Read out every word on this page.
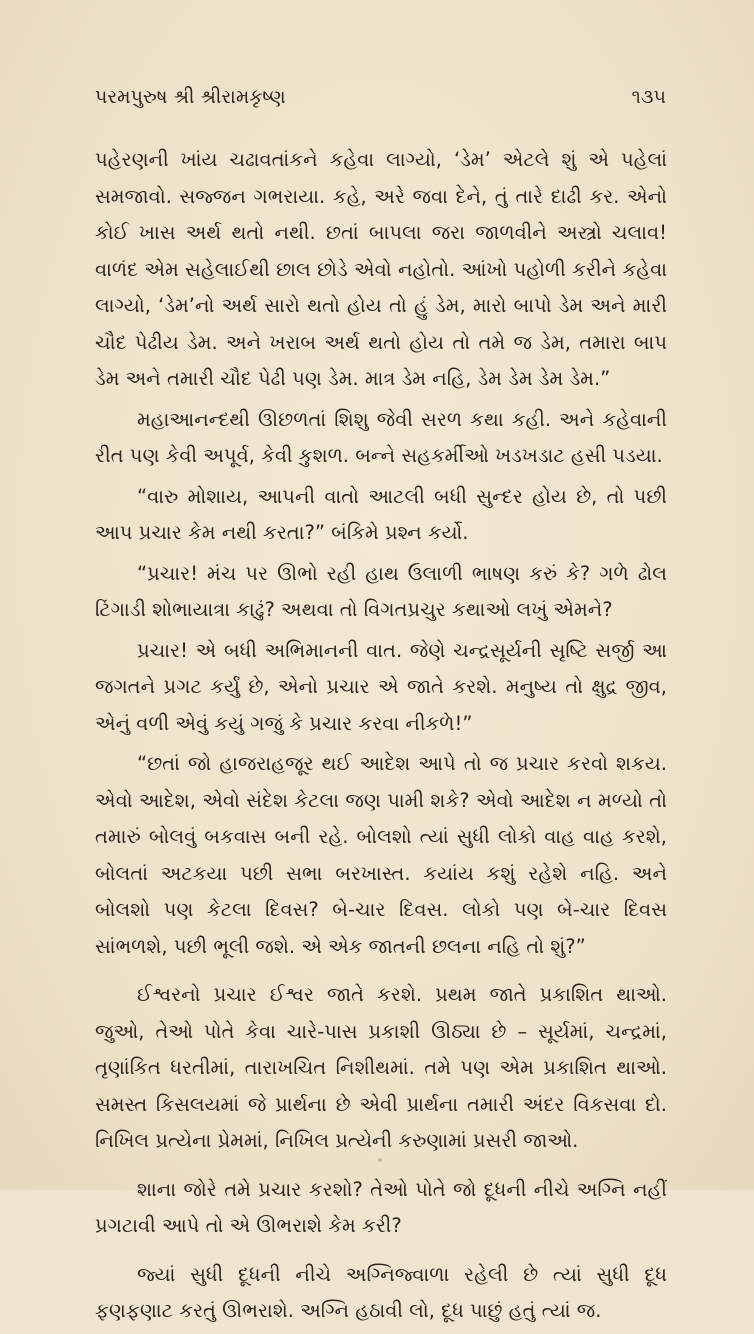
પરમપુરુષ શ્રી શ્રીરામકૃષ્ણ	૧૩૫

પહેરણની ખાંય ચઢાવતાંકને કહેવા લાગ્યો, ‘ડેમ’ એટલે શું એ પહેલાં સમજાવો. સજ્જન ગભરાયા. કહે, અરે જવા દેને, તું તારે દાઢી કર. એનો કોઈ ખાસ અર્થ થતો નથી. છતાં બાપલા જરા જાળવીને અસ્ત્રો ચલાવ! વાળંદ એમ સહેલાઈથી છાલ છોડે એવો નહોતો. આંખો પહોળી કરીને કહેવા લાગ્યો, ‘ડેમ’નો અર્થ સારો થતો હોય તો હું ડેમ, મારો બાપો ડેમ અને મારી ચૌદ પેઢીય ડેમ. અને ખરાબ અર્થ થતો હોય તો તમે જ ડેમ, તમારા બાપ ડેમ અને તમારી ચૌદ પેઢી પણ ડેમ. માત્ર ડેમ નહિ, ડેમ ડેમ ડેમ ડેમ.”

મહાઆનન્દથી ઊછળતાં શિશુ જેવી સરળ કથા કહી. અને કહેવાની રીત પણ કેવી અપૂર્વ, કેવી કુશળ. બન્ને સહકર્મીઓ ખડખડાટ હસી પડયા.

“વારુ મોશાય, આપની વાતો આટલી બધી સુન્દર હોય છે, તો પછી આપ પ્રચાર કેમ નથી કરતા?” બંકિમે પ્રશ્ન કર્યો.

“પ્રચાર! મંચ પર ઊભો રહી હાથ ઉલાળી ભાષણ કરું કે? ગળે ઢોલ ટિંગાડી શોભાયાત્રા કાઢું? અથવા તો વિગતપ્રચુર કથાઓ લખું એમને?

પ્રચાર! એ બધી અભિમાનની વાત. જેણે ચન્દ્રસૂર્યની સૃષ્ટિ સર્જી આ જગતને પ્રગટ કર્યું છે, એનો પ્રચાર એ જાતે કરશે. મનુષ્ય તો ક્ષુદ્ર જીવ, એનું વળી એવું કયું ગજું કે પ્રચાર કરવા નીકળે!”

“છતાં જો હાજરાહજૂર થઈ આદેશ આપે તો જ પ્રચાર કરવો શકય. એવો આદેશ, એવો સંદેશ કેટલા જણ પામી શકે? એવો આદેશ ન મળ્યો તો તમારું બોલવું બકવાસ બની રહે. બોલશો ત્યાં સુધી લોકો વાહ વાહ કરશે, બોલતાં અટકયા પછી સભા બરખાસ્ત. કયાંય કશું રહેશે નહિ. અને બોલશો પણ કેટલા દિવસ? બે-ચાર દિવસ. લોકો પણ બે-ચાર દિવસ સાંભળશે, પછી ભૂલી જશે. એ એક જાતની છલના નહિ તો શું?”

ઈશ્વરનો પ્રચાર ઈશ્વર જાતે કરશે. પ્રથમ જાતે પ્રકાશિત થાઓ. જુઓ, તેઓ પોતે કેવા ચારે-પાસ પ્રકાશી ઊઠ્યા છે – સૂર્યમાં, ચન્દ્રમાં, તૃણાંકિત ધરતીમાં, તારાખચિત નિશીથમાં. તમે પણ એમ પ્રકાશિત થાઓ. સમસ્ત કિસલયમાં જે પ્રાર્થના છે એવી પ્રાર્થના તમારી અંદર વિકસવા દો. નિખિલ પ્રત્યેના પ્રેમમાં, નિખિલ પ્રત્યેની કરુણામાં પ્રસરી જાઓ.

શાના જોરે તમે પ્રચાર કરશો? તેઓ પોતે જો દૂધની નીચે અગ્નિ નહીં પ્રગટાવી આપે તો એ ઊભરાશે કેમ કરી?

જ્યાં સુધી દૂધની નીચે અગ્નિજ્વાળા રહેલી છે ત્યાં સુધી દૂધ ફણફણાટ કરતું ઊભરાશે. અગ્નિ હઠાવી લો, દૂધ પાછું હતું ત્યાં જ.
